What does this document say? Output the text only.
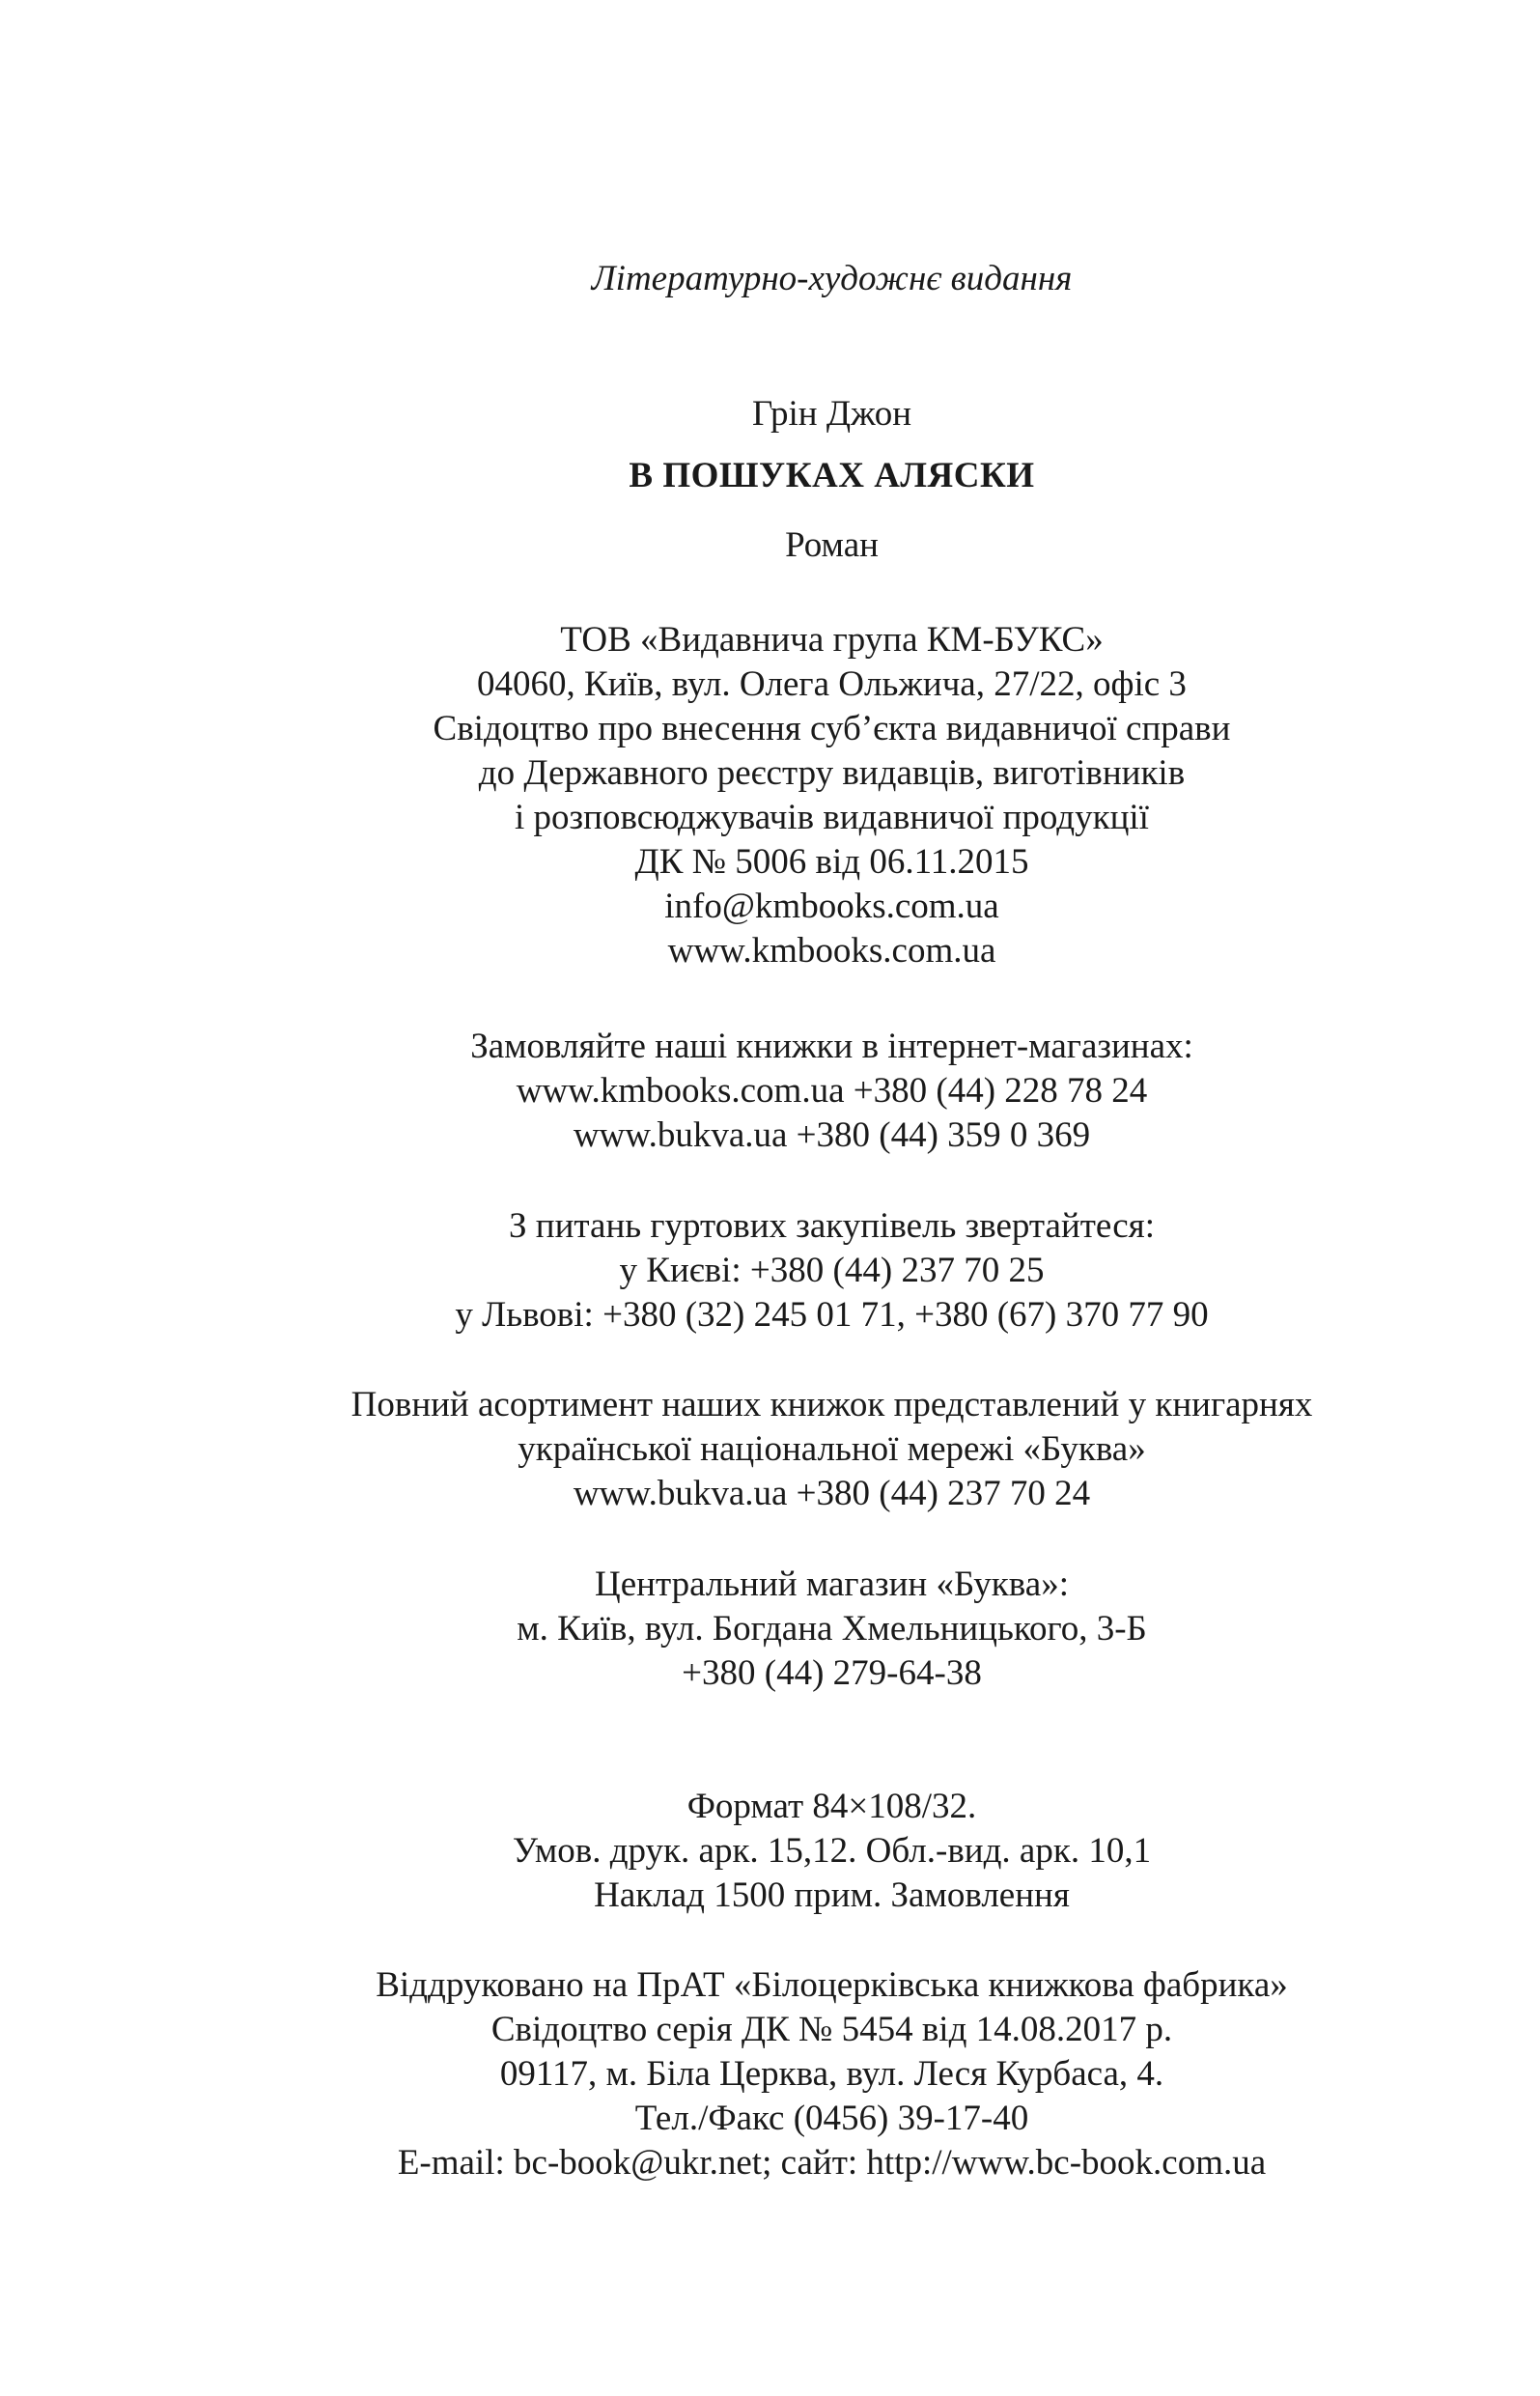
Літературно-художнє видання
Грін Джон
В ПОШУКАХ АЛЯСКИ
Роман
ТОВ «Видавнича група КМ-БУКС»
04060, Київ, вул. Олега Ольжича, 27/22, офіс 3
Свідоцтво про внесення суб’єкта видавничої справи
до Державного реєстру видавців, виготівників
і розповсюджувачів видавничої продукції
ДК № 5006 від 06.11.2015
info@kmbooks.com.ua
www.kmbooks.com.ua
Замовляйте наші книжки в інтернет-магазинах:
www.kmbooks.com.ua +380 (44) 228 78 24
www.bukva.ua +380 (44) 359 0 369
З питань гуртових закупівель звертайтеся:
у Києві: +380 (44) 237 70 25
у Львові: +380 (32) 245 01 71, +380 (67) 370 77 90
Повний асортимент наших книжок представлений у книгарнях
української національної мережі «Буква»
www.bukva.ua +380 (44) 237 70 24
Центральний магазин «Буква»:
м. Київ, вул. Богдана Хмельницького, 3-Б
+380 (44) 279-64-38
Формат 84×108/32.
Умов. друк. арк. 15,12. Обл.-вид. арк. 10,1
Наклад 1500 прим. Замовлення
Віддруковано на ПрАТ «Білоцерківська книжкова фабрика»
Свідоцтво серія ДК № 5454 від 14.08.2017 р.
09117, м. Біла Церква, вул. Леся Курбаса, 4.
Тел./Факс (0456) 39-17-40
E-mail: bc-book@ukr.net; сайт: http://www.bc-book.com.ua
